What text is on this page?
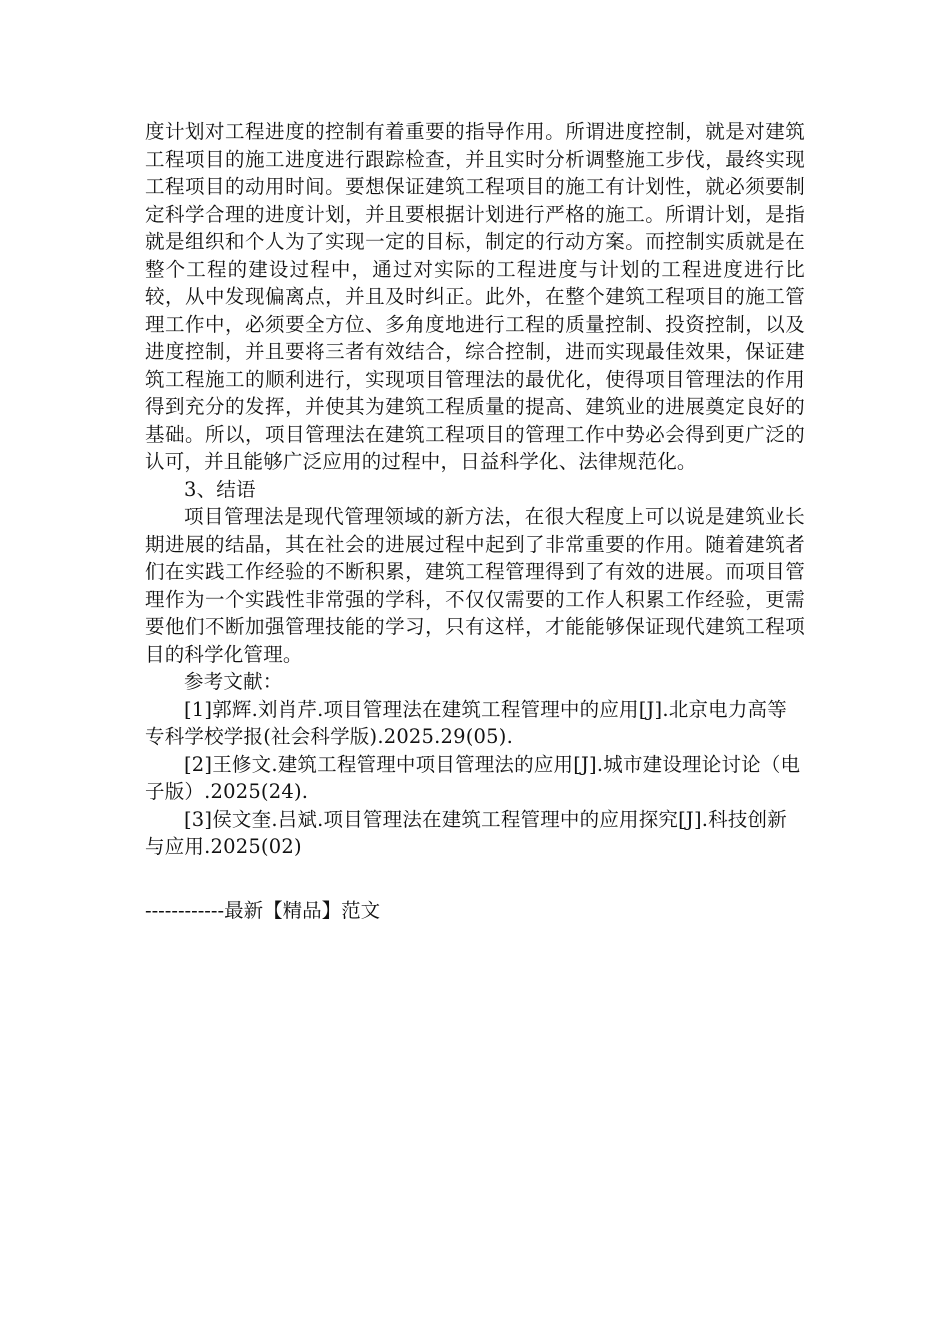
度计划对工程进度的控制有着重要的指导作用。所谓进度控制，就是对建筑工程项目的施工进度进行跟踪检查，并且实时分析调整施工步伐，最终实现工程项目的动用时间。要想保证建筑工程项目的施工有计划性，就必须要制定科学合理的进度计划，并且要根据计划进行严格的施工。所谓计划，是指就是组织和个人为了实现一定的目标，制定的行动方案。而控制实质就是在整个工程的建设过程中，通过对实际的工程进度与计划的工程进度进行比较，从中发现偏离点，并且及时纠正。此外，在整个建筑工程项目的施工管理工作中，必须要全方位、多角度地进行工程的质量控制、投资控制，以及进度控制，并且要将三者有效结合，综合控制，进而实现最佳效果，保证建筑工程施工的顺利进行，实现项目管理法的最优化，使得项目管理法的作用得到充分的发挥，并使其为建筑工程质量的提高、建筑业的进展奠定良好的基础。所以，项目管理法在建筑工程项目的管理工作中势必会得到更广泛的认可，并且能够广泛应用的过程中，日益科学化、法律规范化。

3、结语

项目管理法是现代管理领域的新方法，在很大程度上可以说是建筑业长期进展的结晶，其在社会的进展过程中起到了非常重要的作用。随着建筑者们在实践工作经验的不断积累，建筑工程管理得到了有效的进展。而项目管理作为一个实践性非常强的学科，不仅仅需要的工作人积累工作经验，更需要他们不断加强管理技能的学习，只有这样，才能能够保证现代建筑工程项目的科学化管理。

参考文献：

[1]郭辉.刘肖芹.项目管理法在建筑工程管理中的应用[J].北京电力高等专科学校学报(社会科学版).2025.29(05).

[2]王修文.建筑工程管理中项目管理法的应用[J].城市建设理论讨论（电子版）.2025(24).

[3]侯文奎.吕斌.项目管理法在建筑工程管理中的应用探究[J].科技创新与应用.2025(02)

------------最新【精品】范文
